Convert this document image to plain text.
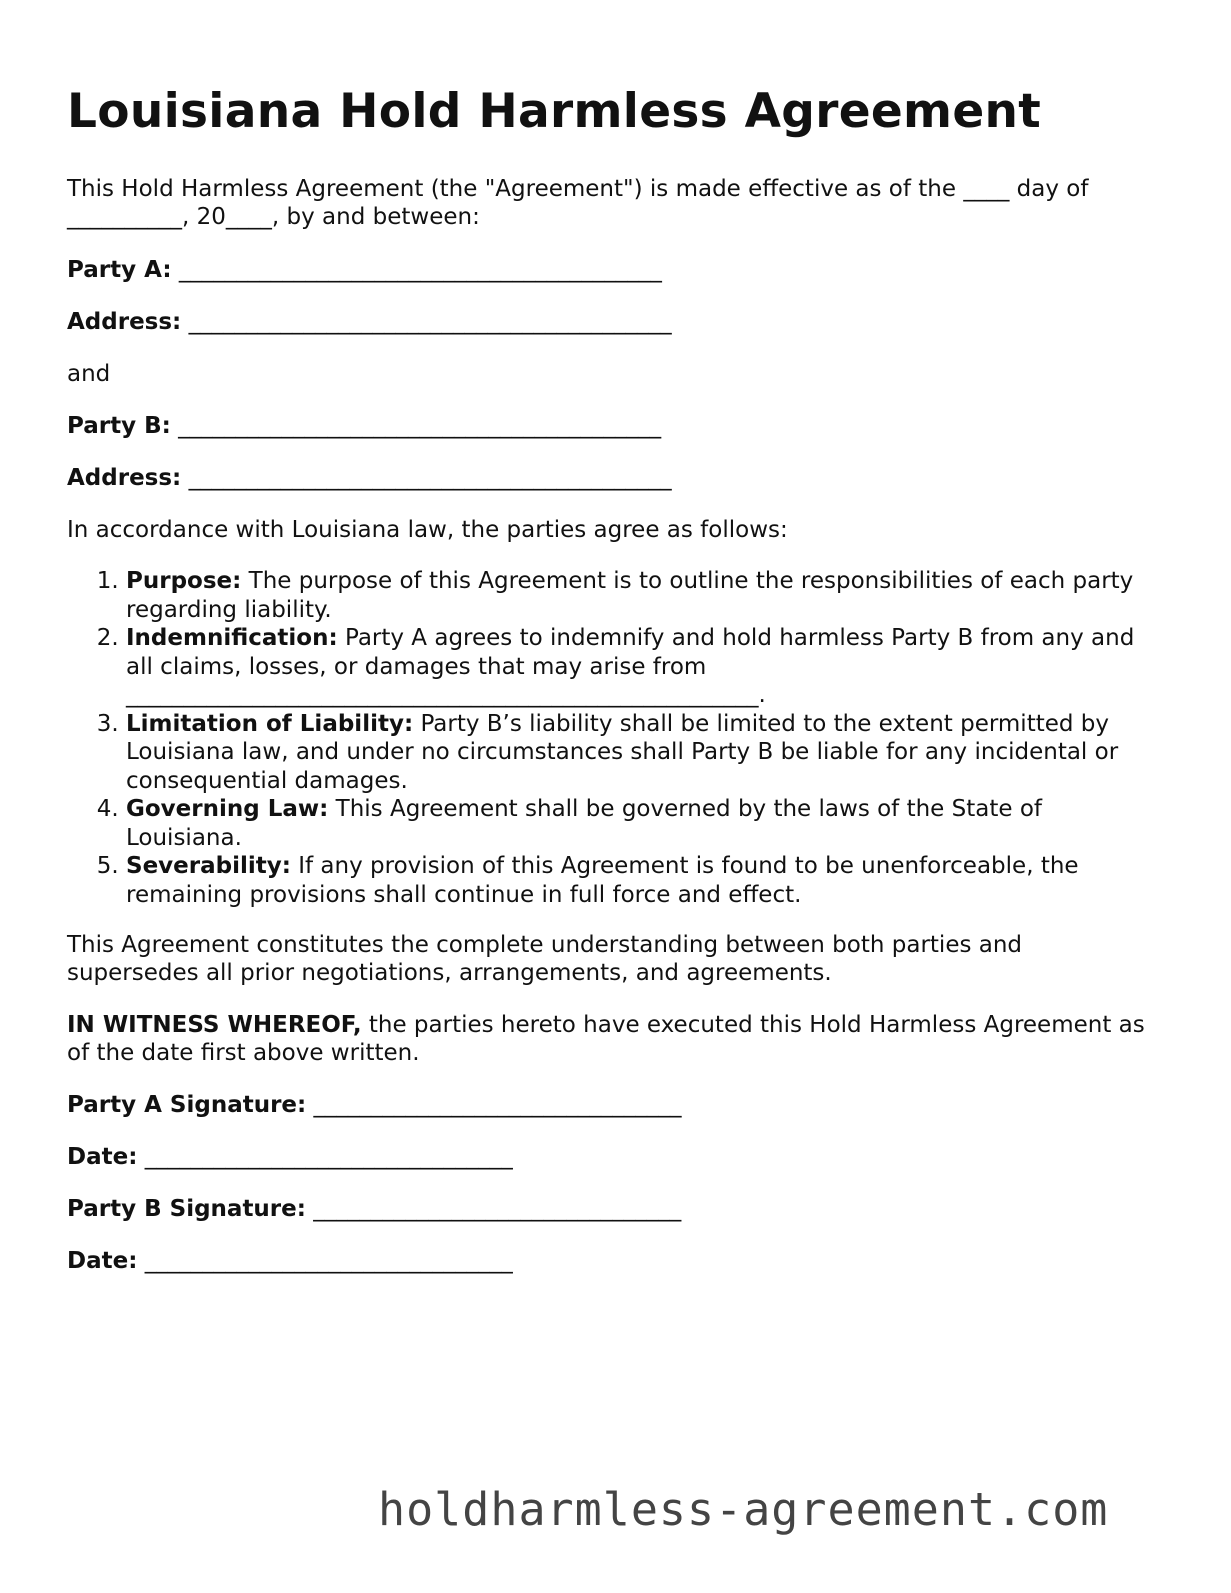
Louisiana Hold Harmless Agreement

This Hold Harmless Agreement (the "Agreement") is made effective as of the ____ day of __________, 20____, by and between:

Party A: __________________________________________

Address: __________________________________________

and

Party B: __________________________________________

Address: __________________________________________

In accordance with Louisiana law, the parties agree as follows:

1. Purpose: The purpose of this Agreement is to outline the responsibilities of each party regarding liability.
2. Indemnification: Party A agrees to indemnify and hold harmless Party B from any and all claims, losses, or damages that may arise from _______________________________________________________.
3. Limitation of Liability: Party B’s liability shall be limited to the extent permitted by Louisiana law, and under no circumstances shall Party B be liable for any incidental or consequential damages.
4. Governing Law: This Agreement shall be governed by the laws of the State of Louisiana.
5. Severability: If any provision of this Agreement is found to be unenforceable, the remaining provisions shall continue in full force and effect.

This Agreement constitutes the complete understanding between both parties and supersedes all prior negotiations, arrangements, and agreements.

IN WITNESS WHEREOF, the parties hereto have executed this Hold Harmless Agreement as of the date first above written.

Party A Signature: ________________________________

Date: ________________________________

Party B Signature: ________________________________

Date: ________________________________

holdharmless-agreement.com
